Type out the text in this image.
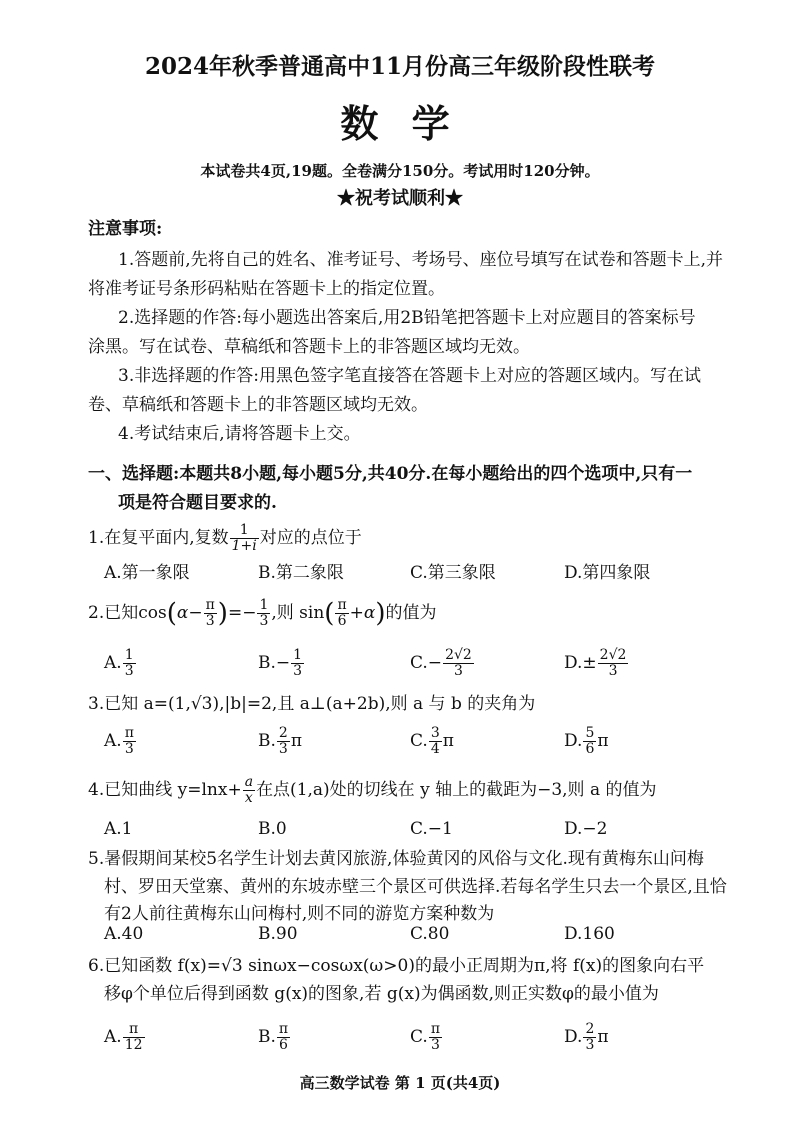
2024年秋季普通高中11月份高三年级阶段性联考
数 学
本试卷共4页,19题。全卷满分150分。考试用时120分钟。
★祝考试顺利★
注意事项:
1.答题前,先将自己的姓名、准考证号、考场号、座位号填写在试卷和答题卡上,并
将准考证号条形码粘贴在答题卡上的指定位置。
2.选择题的作答:每小题选出答案后,用2B铅笔把答题卡上对应题目的答案标号
涂黑。写在试卷、草稿纸和答题卡上的非答题区域均无效。
3.非选择题的作答:用黑色签字笔直接答在答题卡上对应的答题区域内。写在试
卷、草稿纸和答题卡上的非答题区域均无效。
4.考试结束后,请将答题卡上交。
一、选择题:本题共8小题,每小题5分,共40分.在每小题给出的四个选项中,只有一
项是符合题目要求的.
1.在复平面内,复数 $\frac{1}{1+i}$ 对应的点位于
A.第一象限	B.第二象限	C.第三象限	D.第四象限
2.已知$\cos(\alpha- \frac{\pi}{3}$ )=− $\frac{1}{3}$ ,则 $\sin( \frac{\pi}{6} +\alpha)$的值为
A. $\frac{1}{3}$	$B.- \frac{1}{3}$	$C.- \frac{2√2}{3}$	$D.\pm \frac{2√2}{3}$
3.已知 a=(1,√3),|b|=2,且 a⊥(a+2b),则 a 与 b 的夹角为
A. $\frac{\pi}{3}$	B. $\frac{2}{3}$ π	C. $\frac{3}{4}$ π	D. $\frac{5}{6}$ π
4.已知曲线 $y=\ln x+ \frac{a}{x}$ 在点(1,a)处的切线在 y 轴上的截距为−3,则 a 的值为
A.1	B.0	C.−1	D.−2
5.暑假期间某校5名学生计划去黄冈旅游,体验黄冈的风俗与文化.现有黄梅东山问梅
村、罗田天堂寨、黄州的东坡赤壁三个景区可供选择.若每名学生只去一个景区,且恰
有2人前往黄梅东山问梅村,则不同的游览方案种数为
A.40	B.90	C.80	D.160
6.已知函数 f(x)=√3 sinωx−cosωx(ω>0)的最小正周期为π,将 f(x)的图象向右平
移φ个单位后得到函数 g(x)的图象,若 g(x)为偶函数,则正实数φ的最小值为
A. $\frac{\pi}{12}$	B. $\frac{\pi}{6}$	C. $\frac{\pi}{3}$	D. $\frac{2}{3}$ π
高三数学试卷 第 1 页(共4页)
